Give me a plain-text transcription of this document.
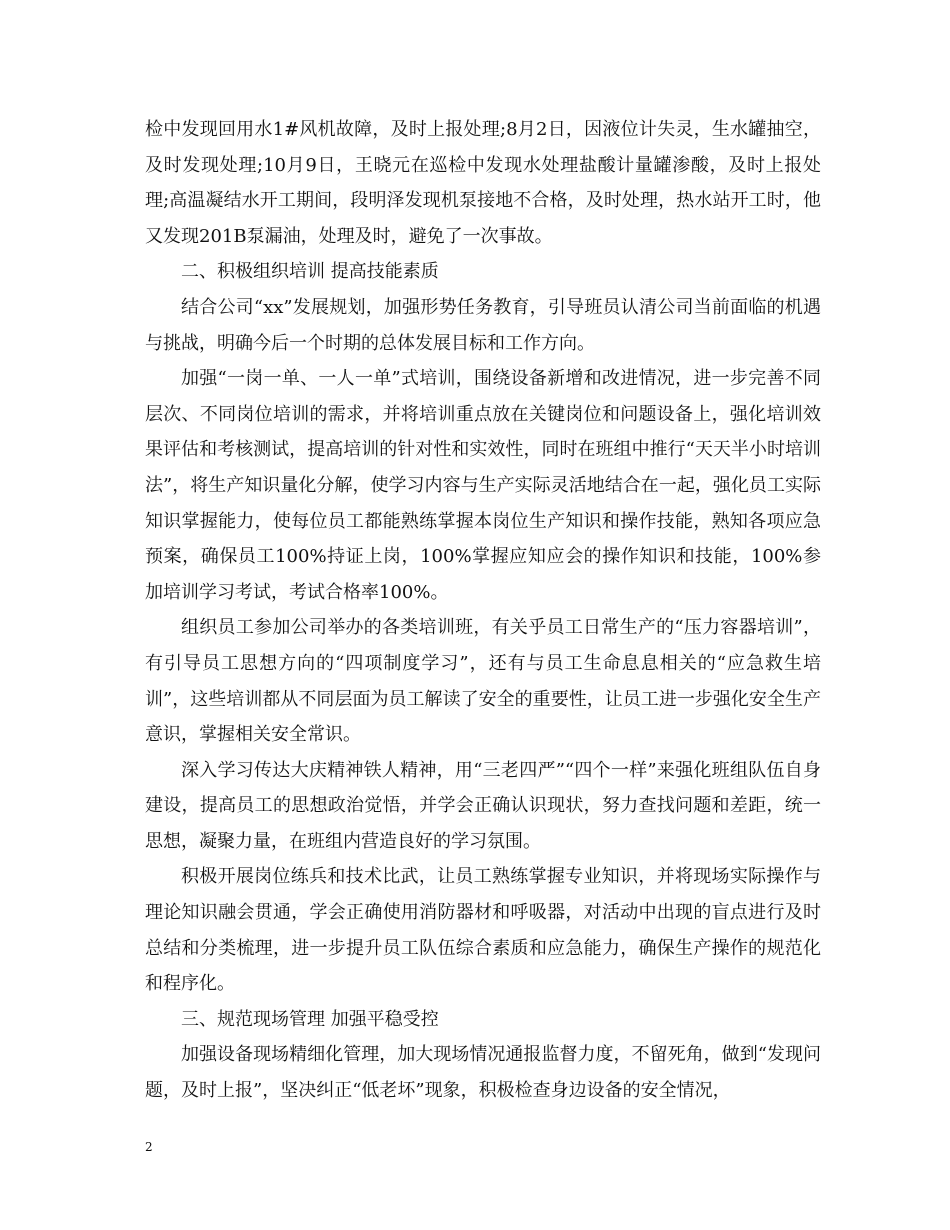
检中发现回用水1#风机故障，及时上报处理;8月2日，因液位计失灵，生水罐抽空，及时发现处理;10月9日，王晓元在巡检中发现水处理盐酸计量罐渗酸，及时上报处理;高温凝结水开工期间，段明泽发现机泵接地不合格，及时处理，热水站开工时，他又发现201B泵漏油，处理及时，避免了一次事故。

二、积极组织培训 提高技能素质

结合公司“xx”发展规划，加强形势任务教育，引导班员认清公司当前面临的机遇与挑战，明确今后一个时期的总体发展目标和工作方向。

加强“一岗一单、一人一单”式培训，围绕设备新增和改进情况，进一步完善不同层次、不同岗位培训的需求，并将培训重点放在关键岗位和问题设备上，强化培训效果评估和考核测试，提高培训的针对性和实效性，同时在班组中推行“天天半小时培训法”，将生产知识量化分解，使学习内容与生产实际灵活地结合在一起，强化员工实际知识掌握能力，使每位员工都能熟练掌握本岗位生产知识和操作技能，熟知各项应急预案，确保员工100%持证上岗，100%掌握应知应会的操作知识和技能，100%参加培训学习考试，考试合格率100%。

组织员工参加公司举办的各类培训班，有关乎员工日常生产的“压力容器培训”，有引导员工思想方向的“四项制度学习”，还有与员工生命息息相关的“应急救生培训”，这些培训都从不同层面为员工解读了安全的重要性，让员工进一步强化安全生产意识，掌握相关安全常识。

深入学习传达大庆精神铁人精神，用“三老四严”“四个一样”来强化班组队伍自身建设，提高员工的思想政治觉悟，并学会正确认识现状，努力查找问题和差距，统一思想，凝聚力量，在班组内营造良好的学习氛围。

积极开展岗位练兵和技术比武，让员工熟练掌握专业知识，并将现场实际操作与理论知识融会贯通，学会正确使用消防器材和呼吸器，对活动中出现的盲点进行及时总结和分类梳理，进一步提升员工队伍综合素质和应急能力，确保生产操作的规范化和程序化。

三、规范现场管理 加强平稳受控

加强设备现场精细化管理，加大现场情况通报监督力度，不留死角，做到“发现问题，及时上报”，坚决纠正“低老坏”现象，积极检查身边设备的安全情况，

2
